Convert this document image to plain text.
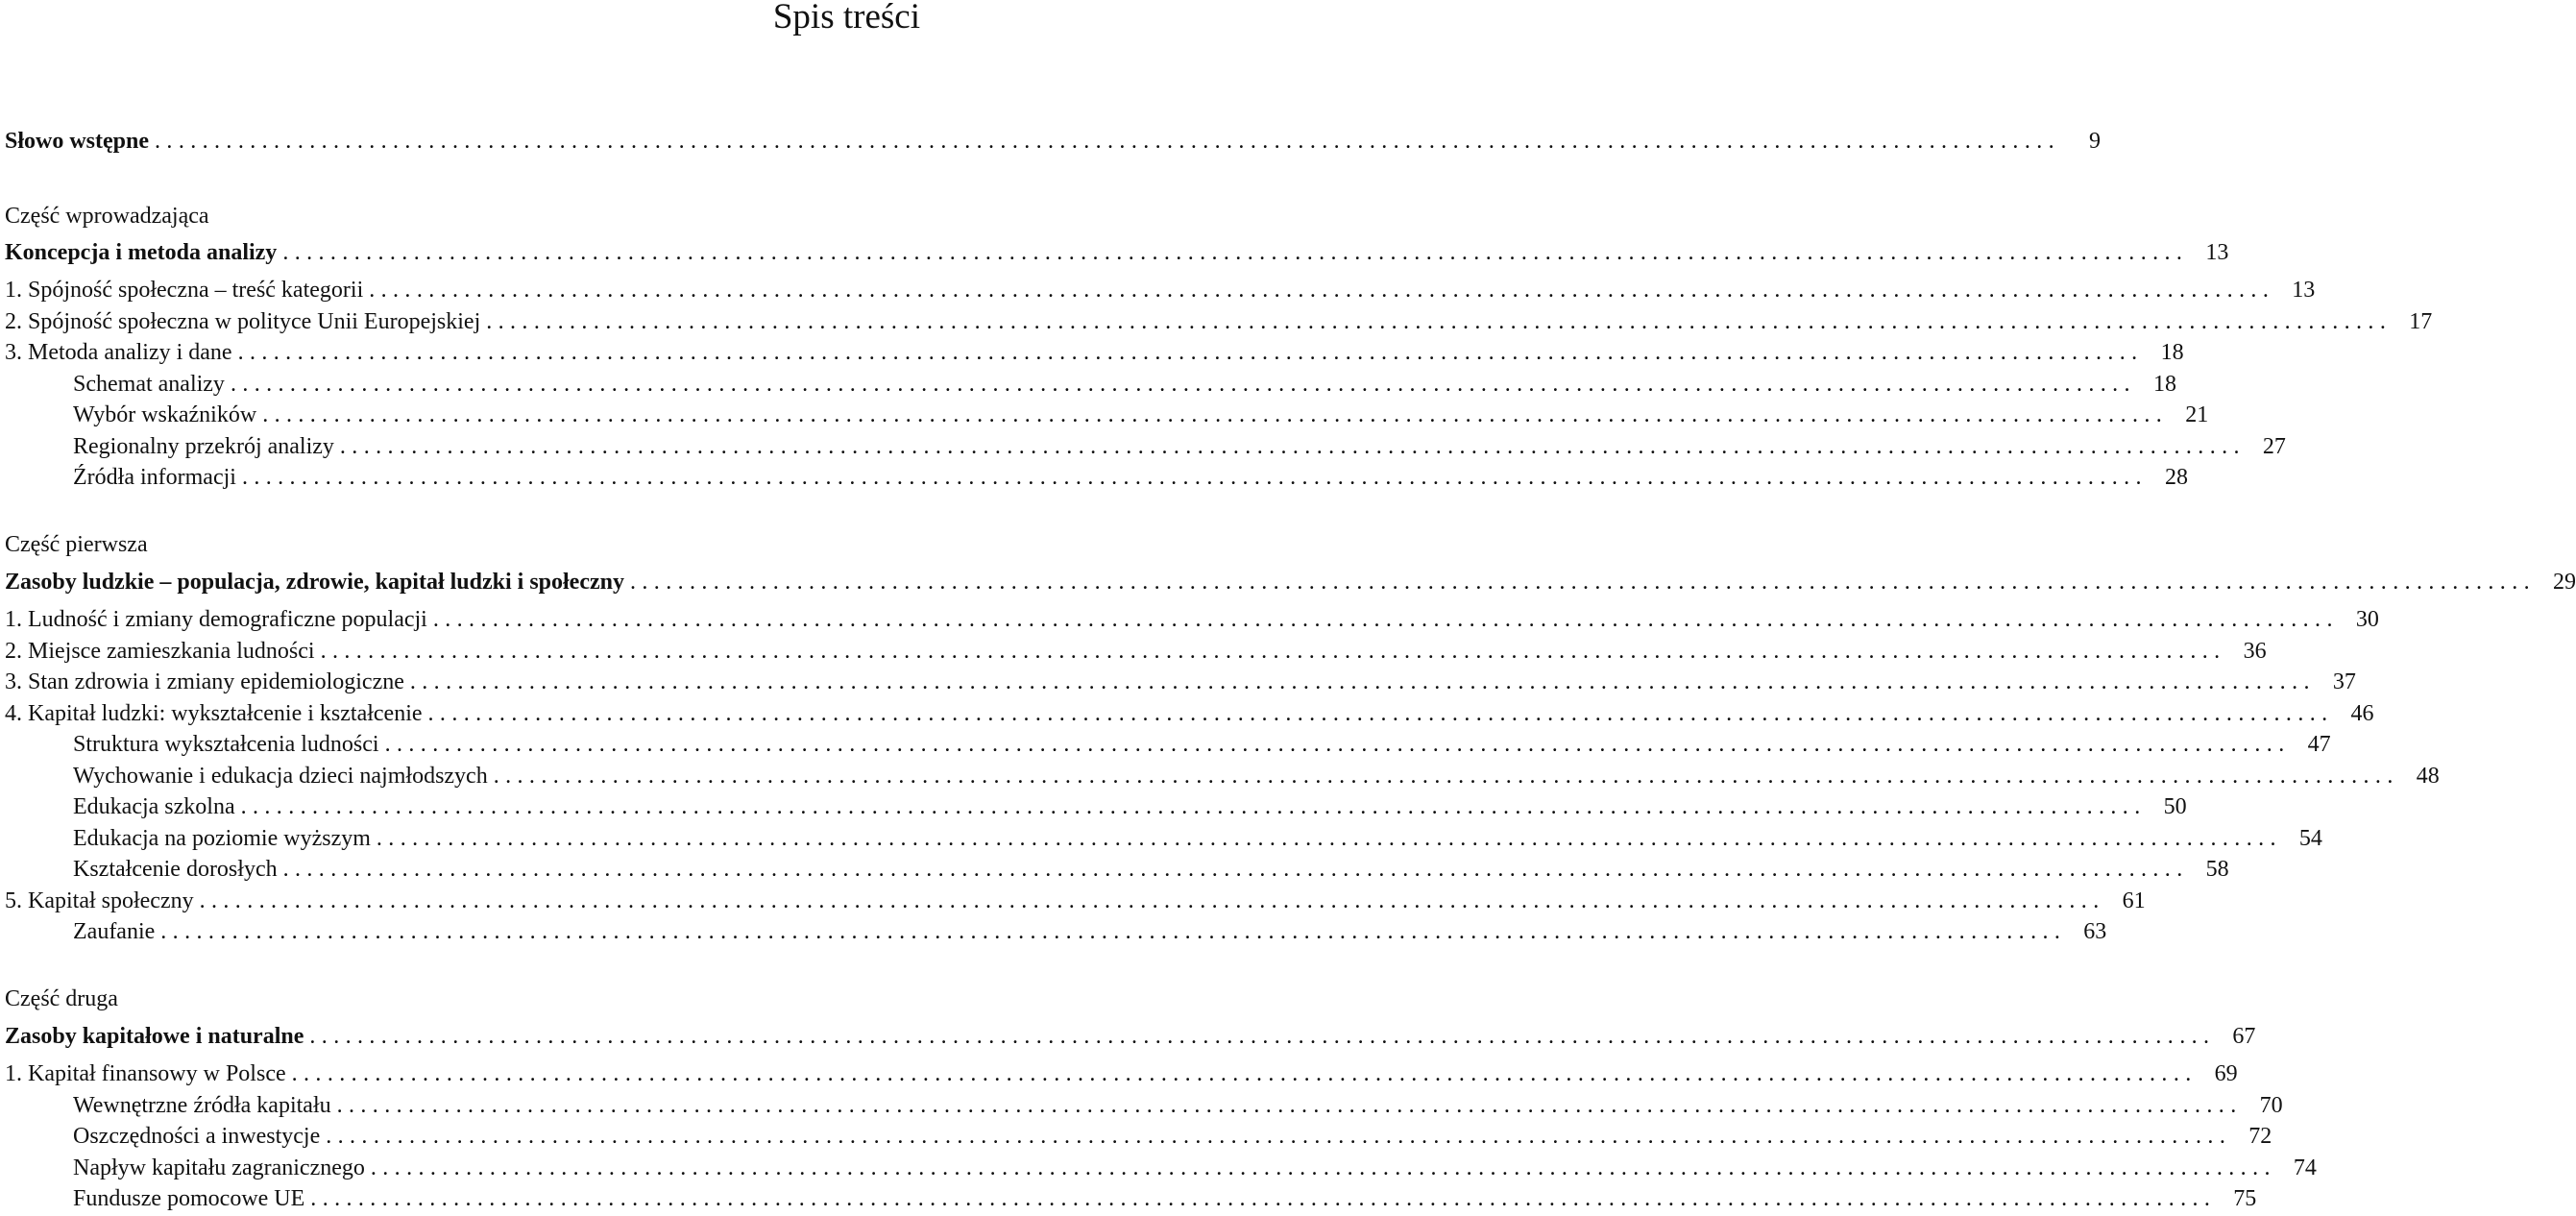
Spis treści
Słowo wstępne ................................................................................................................................................................	9
Część wprowadzająca
Koncepcja i metoda analizy ................................................................................................................................................................ 13
1. Spójność społeczna – treść kategorii ................................................................................................................................................................ 13
2. Spójność społeczna w polityce Unii Europejskiej ................................................................................................................................................................ 17
3. Metoda analizy i dane ................................................................................................................................................................ 18
Schemat analizy ................................................................................................................................................................ 18
Wybór wskaźników ................................................................................................................................................................ 21
Regionalny przekrój analizy ................................................................................................................................................................ 27
Źródła informacji ................................................................................................................................................................ 28
Część pierwsza
Zasoby ludzkie – populacja, zdrowie, kapitał ludzki i społeczny ................................................................................................................................................................ 29
1. Ludność i zmiany demograficzne populacji ................................................................................................................................................................ 30
2. Miejsce zamieszkania ludności ................................................................................................................................................................ 36
3. Stan zdrowia i zmiany epidemiologiczne ................................................................................................................................................................ 37
4. Kapitał ludzki: wykształcenie i kształcenie ................................................................................................................................................................ 46
Struktura wykształcenia ludności ................................................................................................................................................................ 47
Wychowanie i edukacja dzieci najmłodszych ................................................................................................................................................................ 48
Edukacja szkolna ................................................................................................................................................................ 50
Edukacja na poziomie wyższym ................................................................................................................................................................ 54
Kształcenie dorosłych ................................................................................................................................................................ 58
5. Kapitał społeczny ................................................................................................................................................................ 61
Zaufanie ................................................................................................................................................................ 63
Część druga
Zasoby kapitałowe i naturalne ................................................................................................................................................................ 67
1. Kapitał finansowy w Polsce ................................................................................................................................................................ 69
Wewnętrzne źródła kapitału ................................................................................................................................................................ 70
Oszczędności a inwestycje ................................................................................................................................................................ 72
Napływ kapitału zagranicznego ................................................................................................................................................................ 74
Fundusze pomocowe UE ................................................................................................................................................................ 75
